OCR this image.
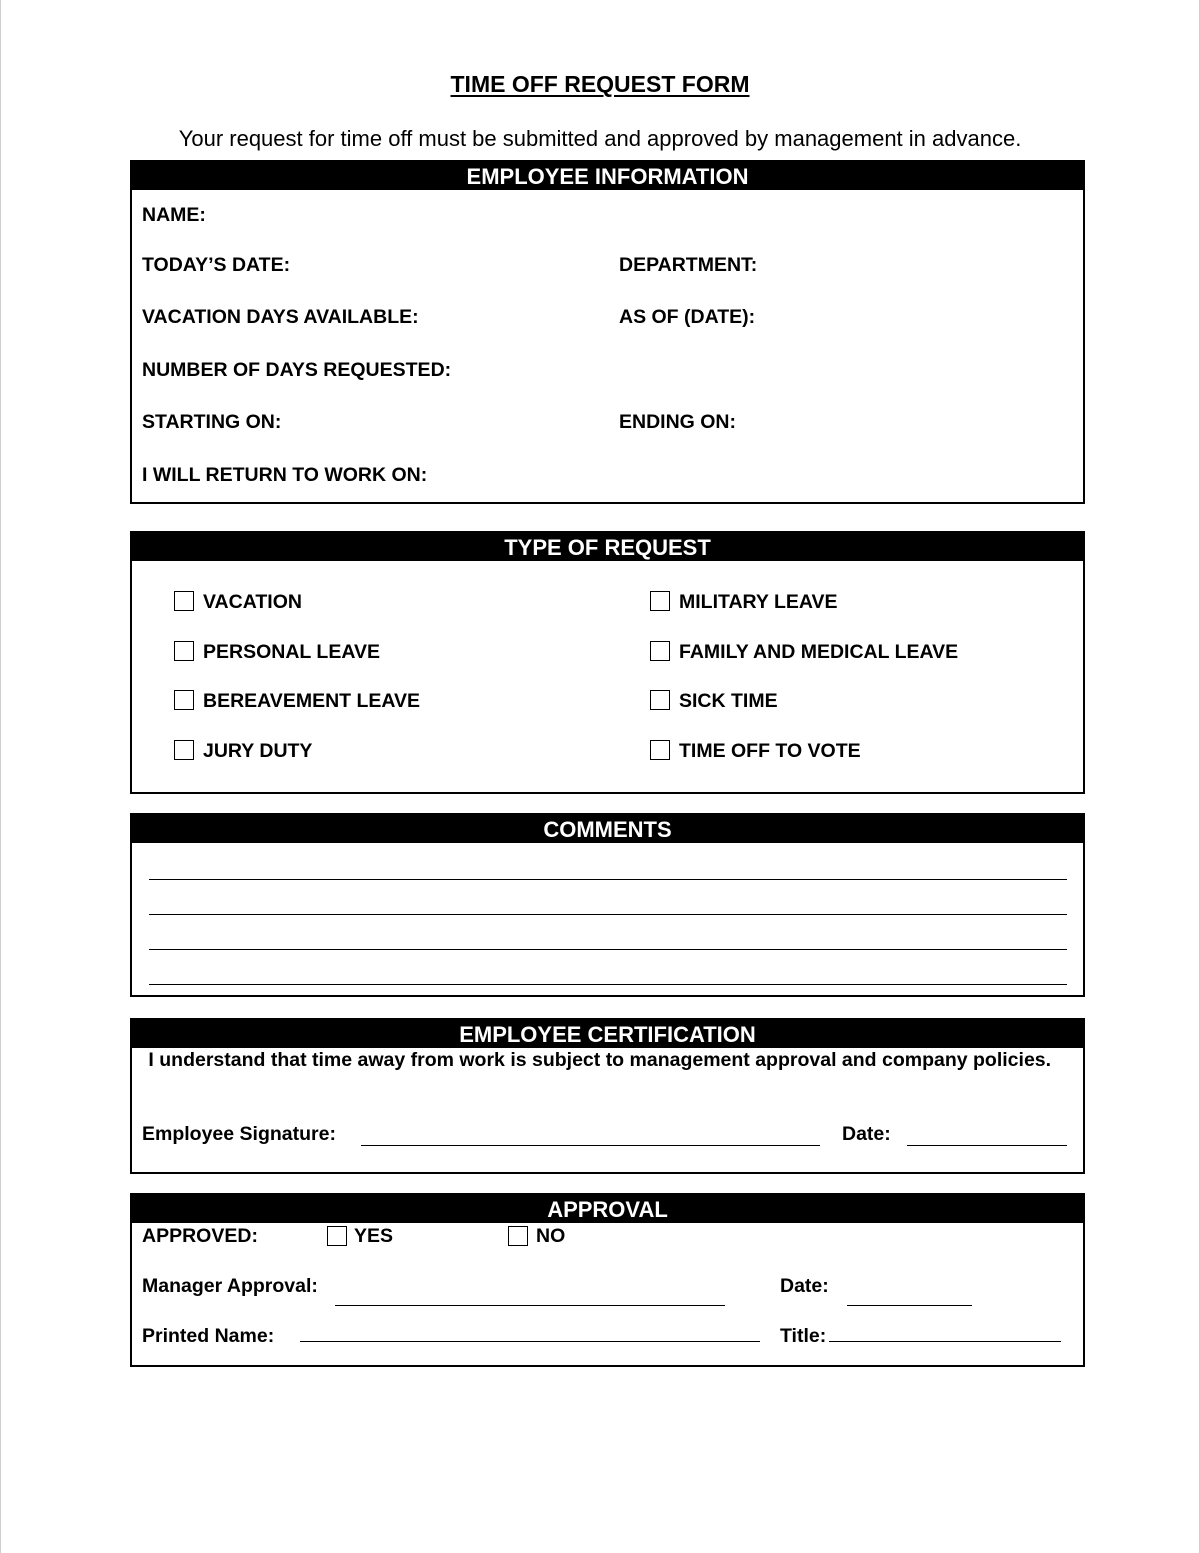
TIME OFF REQUEST FORM
Your request for time off must be submitted and approved by management in advance.
EMPLOYEE INFORMATION
NAME:
TODAY’S DATE:	DEPARTMENT:
VACATION DAYS AVAILABLE:	AS OF (DATE):
NUMBER OF DAYS REQUESTED:
STARTING ON:	ENDING ON:
I WILL RETURN TO WORK ON:
TYPE OF REQUEST
VACATION	MILITARY LEAVE
PERSONAL LEAVE	FAMILY AND MEDICAL LEAVE
BEREAVEMENT LEAVE	SICK TIME
JURY DUTY	TIME OFF TO VOTE
COMMENTS
EMPLOYEE CERTIFICATION
I understand that time away from work is subject to management approval and company policies.
Employee Signature:	Date:
APPROVAL
APPROVED:	YES	NO
Manager Approval:	Date:
Printed Name:	Title:
